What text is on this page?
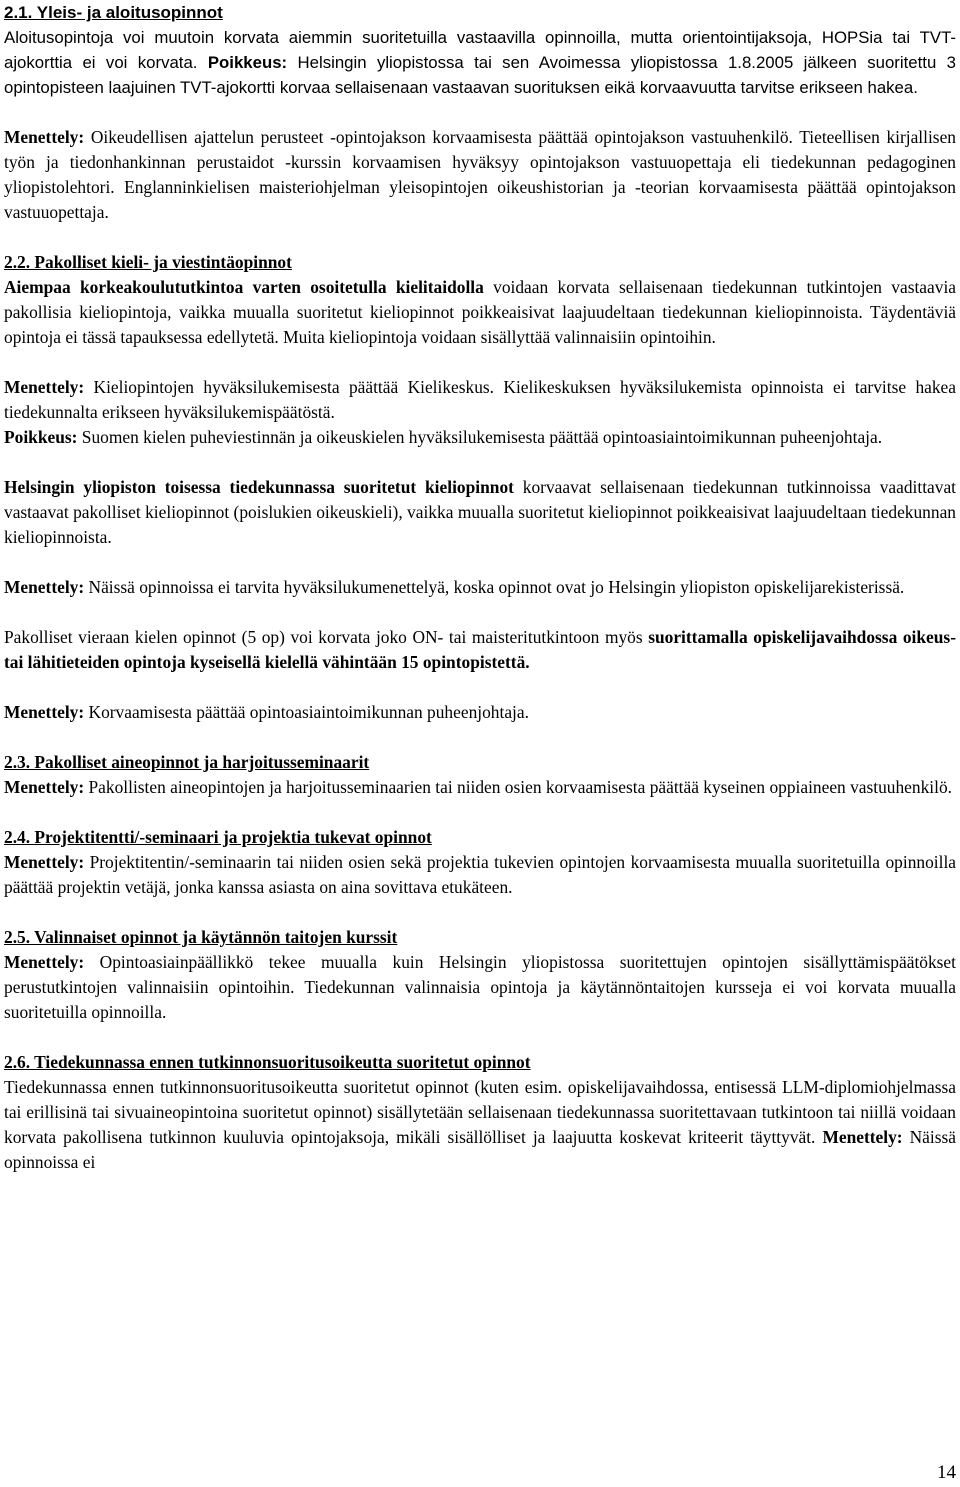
2.1. Yleis- ja aloitusopinnot

Aloitusopintoja voi muutoin korvata aiemmin suoritetuilla vastaavilla opinnoilla, mutta orientointijaksoja, HOPSia tai TVT-ajokorttia ei voi korvata. Poikkeus: Helsingin yliopistossa tai sen Avoimessa yliopistossa 1.8.2005 jälkeen suoritettu 3 opintopisteen laajuinen TVT-ajokortti korvaa sellaisenaan vastaavan suorituksen eikä korvaavuutta tarvitse erikseen hakea.

Menettely: Oikeudellisen ajattelun perusteet -opintojakson korvaamisesta päättää opintojakson vastuuhenkilö. Tieteellisen kirjallisen työn ja tiedonhankinnan perustaidot -kurssin korvaamisen hyväksyy opintojakson vastuuopettaja eli tiedekunnan pedagoginen yliopistolehtori. Englanninkielisen maisteriohjelman yleisopintojen oikeushistorian ja -teorian korvaamisesta päättää opintojakson vastuuopettaja.

2.2. Pakolliset kieli- ja viestintäopinnot

Aiempaa korkeakoulututkintoa varten osoitetulla kielitaidolla voidaan korvata sellaisenaan tiedekunnan tutkintojen vastaavia pakollisia kieliopintoja, vaikka muualla suoritetut kieliopinnot poikkeaisivat laajuudeltaan tiedekunnan kieliopinnoista. Täydentäviä opintoja ei tässä tapauksessa edellytetä. Muita kieliopintoja voidaan sisällyttää valinnaisiin opintoihin.

Menettely: Kieliopintojen hyväksilukemisesta päättää Kielikeskus. Kielikeskuksen hyväksilukemista opinnoista ei tarvitse hakea tiedekunnalta erikseen hyväksilukemispäätöstä.

Poikkeus: Suomen kielen puheviestinnän ja oikeuskielen hyväksilukemisesta päättää opintoasiaintoimikunnan puheenjohtaja.

Helsingin yliopiston toisessa tiedekunnassa suoritetut kieliopinnot korvaavat sellaisenaan tiedekunnan tutkinnoissa vaadittavat vastaavat pakolliset kieliopinnot (poislukien oikeuskieli), vaikka muualla suoritetut kieliopinnot poikkeaisivat laajuudeltaan tiedekunnan kieliopinnoista.

Menettely: Näissä opinnoissa ei tarvita hyväksilukumenettelyä, koska opinnot ovat jo Helsingin yliopiston opiskelijarekisterissä.

Pakolliset vieraan kielen opinnot (5 op) voi korvata joko ON- tai maisteritutkintoon myös suorittamalla opiskelijavaihdossa oikeus- tai lähitieteiden opintoja kyseisellä kielellä vähintään 15 opintopistettä.

Menettely: Korvaamisesta päättää opintoasiaintoimikunnan puheenjohtaja.

2.3. Pakolliset aineopinnot ja harjoitusseminaarit

Menettely: Pakollisten aineopintojen ja harjoitusseminaarien tai niiden osien korvaamisesta päättää kyseinen oppiaineen vastuuhenkilö.

2.4. Projektitentti/-seminaari ja projektia tukevat opinnot

Menettely: Projektitentin/-seminaarin tai niiden osien sekä projektia tukevien opintojen korvaamisesta muualla suoritetuilla opinnoilla päättää projektin vetäjä, jonka kanssa asiasta on aina sovittava etukäteen.

2.5. Valinnaiset opinnot ja käytännön taitojen kurssit

Menettely: Opintoasiainpäällikkö tekee muualla kuin Helsingin yliopistossa suoritettujen opintojen sisällyttämispäätökset perustutkintojen valinnaisiin opintoihin. Tiedekunnan valinnaisia opintoja ja käytännöntaitojen kursseja ei voi korvata muualla suoritetuilla opinnoilla.

2.6. Tiedekunnassa ennen tutkinnonsuoritusoikeutta suoritetut opinnot

Tiedekunnassa ennen tutkinnonsuoritusoikeutta suoritetut opinnot (kuten esim. opiskelijavaihdossa, entisessä LLM-diplomiohjelmassa tai erillisinä tai sivuaineopintoina suoritetut opinnot) sisällytetään sellaisenaan tiedekunnassa suoritettavaan tutkintoon tai niillä voidaan korvata pakollisena tutkinnon kuuluvia opintojaksoja, mikäli sisällölliset ja laajuutta koskevat kriteerit täyttyvät. Menettely: Näissä opinnoissa ei

14
